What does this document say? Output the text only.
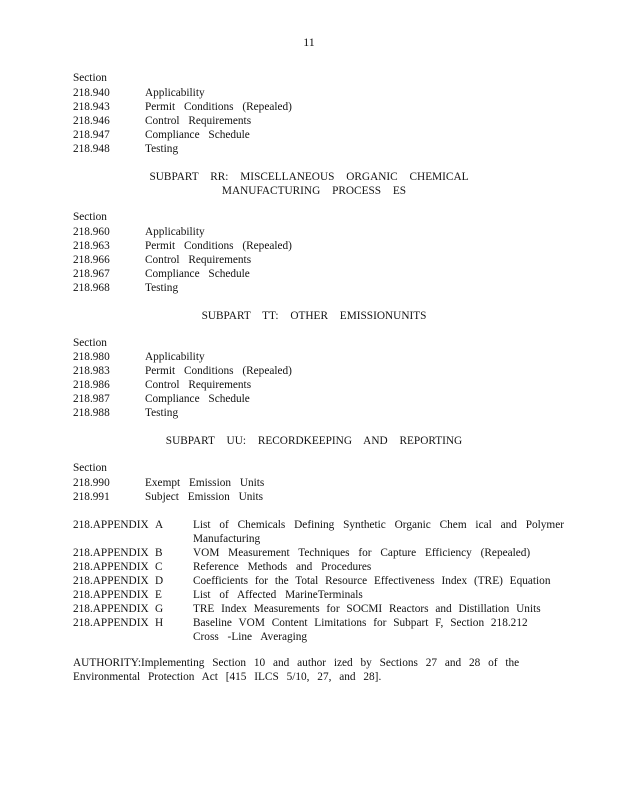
11
Section
218.940	Applicability
218.943	Permit Conditions (Repealed)
218.946	Control Requirements
218.947	Compliance Schedule
218.948	Testing
SUBPART RR: MISCELLANEOUS ORGANIC CHEMICAL
MANUFACTURING PROCESS ES
Section
218.960	Applicability
218.963	Permit Conditions (Repealed)
218.966	Control Requirements
218.967	Compliance Schedule
218.968	Testing
SUBPART TT: OTHER EMISSIONUNITS
Section
218.980	Applicability
218.983	Permit Conditions (Repealed)
218.986	Control Requirements
218.987	Compliance Schedule
218.988	Testing
SUBPART UU: RECORDKEEPING AND REPORTING
Section
218.990	Exempt Emission Units
218.991	Subject Emission Units
218.APPENDIX A	List of Chemicals Defining Synthetic Organic Chem ical and Polymer
Manufacturing
218.APPENDIX B	VOM Measurement Techniques for Capture Efficiency (Repealed)
218.APPENDIX C	Reference Methods and Procedures
218.APPENDIX D	Coefficients for the Total Resource Effectiveness Index (TRE) Equation
218.APPENDIX E	List of Affected MarineTerminals
218.APPENDIX G	TRE Index Measurements for SOCMI Reactors and Distillation Units
218.APPENDIX H	Baseline VOM Content Limitations for Subpart F, Section 218.212
Cross -Line Averaging
AUTHORITY:Implementing Section 10 and author ized by Sections 27 and 28 of the
Environmental Protection Act [415 ILCS 5/10, 27, and 28].
